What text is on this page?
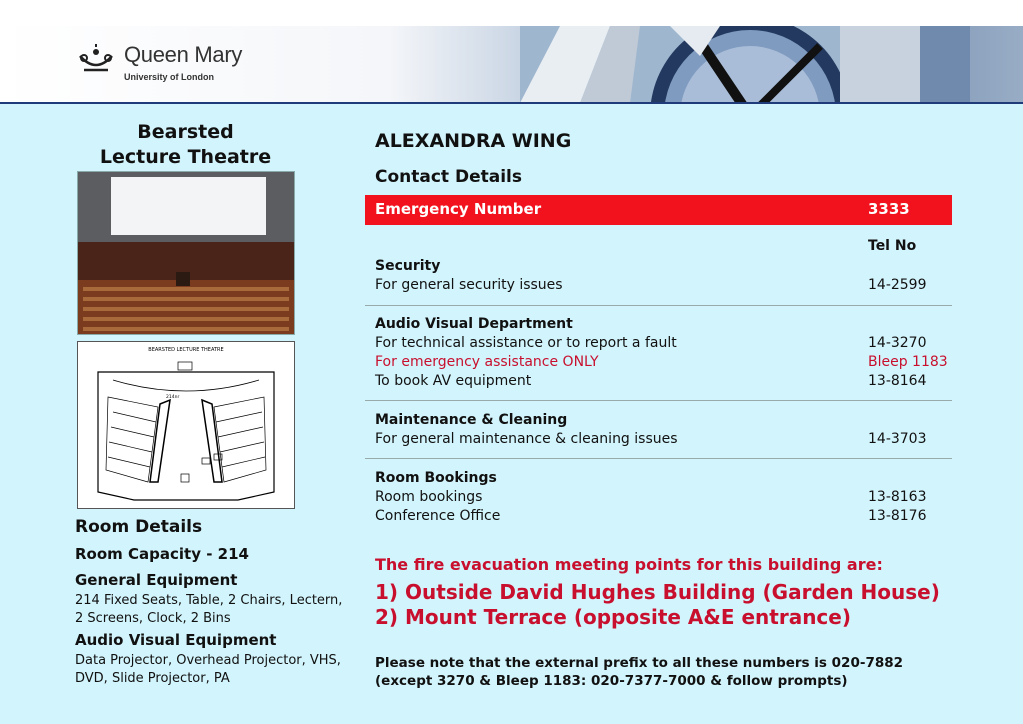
Queen Mary
University of London
Bearsted
Lecture Theatre
BEARSTED LECTURE THEATRE
214nr
Room Details
Room Capacity - 214
General Equipment
214 Fixed Seats, Table, 2 Chairs, Lectern, 2 Screens, Clock, 2 Bins
Audio Visual Equipment
Data Projector, Overhead Projector, VHS, DVD, Slide Projector, PA
ALEXANDRA WING
Contact Details
Emergency Number	3333
Tel No
Security
For general security issues	14-2599
Audio Visual Department
For technical assistance or to report a fault	14-3270
For emergency assistance ONLY	Bleep 1183
To book AV equipment	13-8164
Maintenance & Cleaning
For general maintenance & cleaning issues	14-3703
Room Bookings
Room bookings	13-8163
Conference Office	13-8176
The fire evacuation meeting points for this building are:
1) Outside David Hughes Building (Garden House)
2) Mount Terrace (opposite A&E entrance)
Please note that the external prefix to all these numbers is 020-7882
(except 3270 & Bleep 1183: 020-7377-7000 & follow prompts)
